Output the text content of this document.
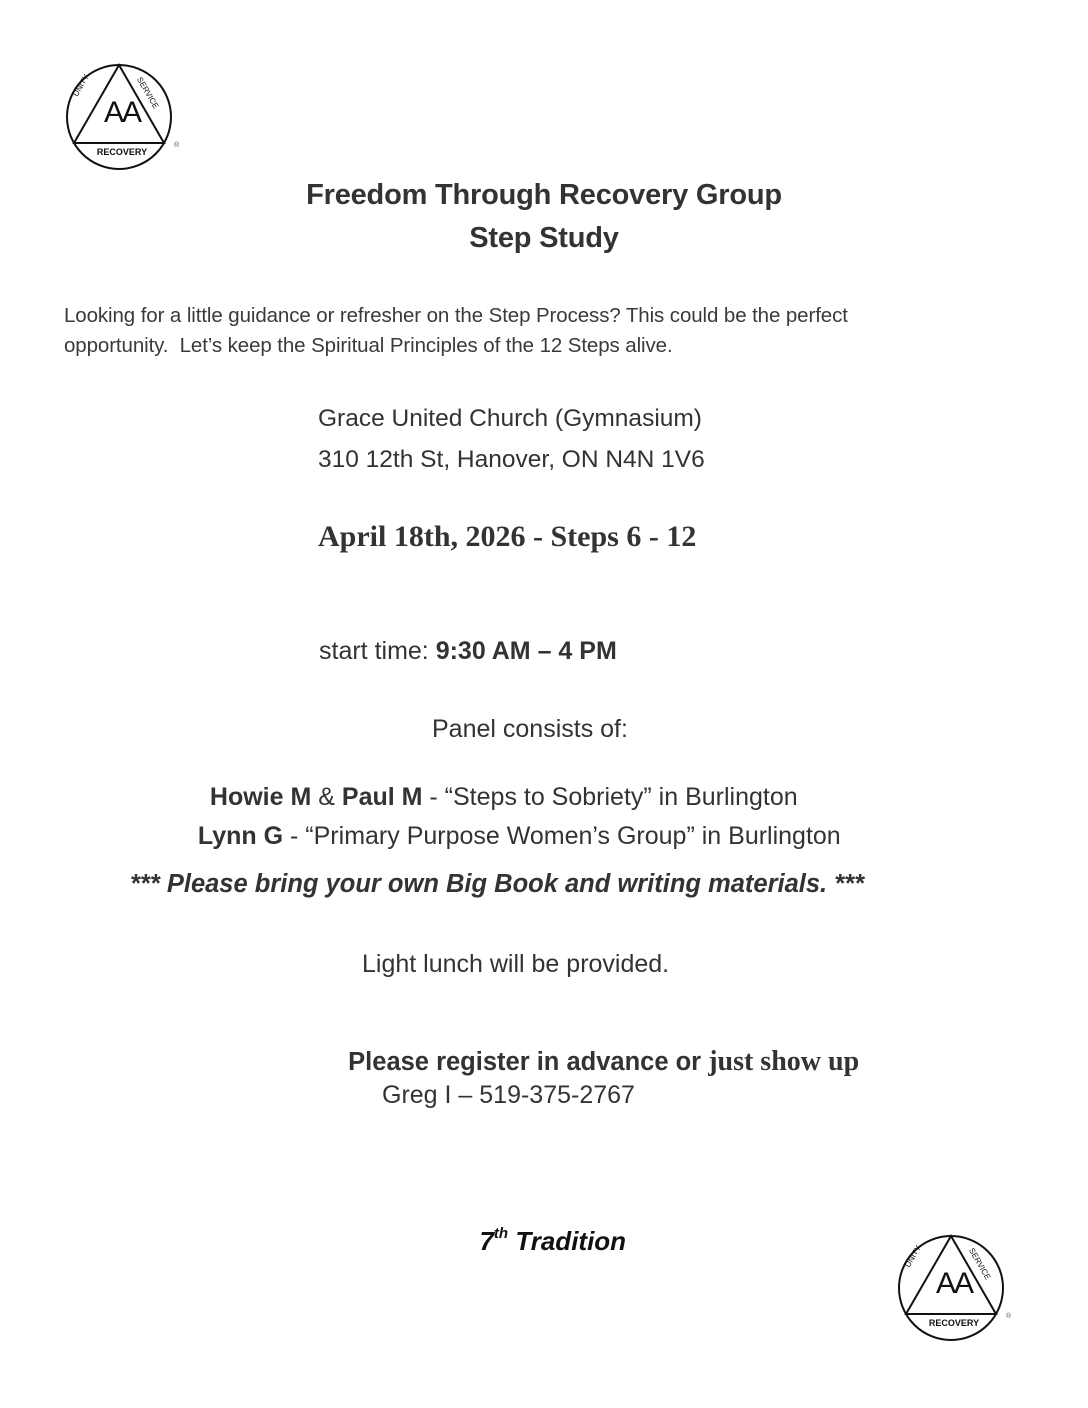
AA
UNITY	SERVICE
RECOVERY
®
Freedom Through Recovery Group
Step Study
Looking for a little guidance or refresher on the Step Process? This could be the perfect
opportunity.  Let’s keep the Spiritual Principles of the 12 Steps alive.
Grace United Church (Gymnasium)
310 12th St, Hanover, ON N4N 1V6
April 18th, 2026 - Steps 6 - 12
start time: 9:30 AM – 4 PM
Panel consists of:

Howie M & Paul M - “Steps to Sobriety” in Burlington

Lynn G - “Primary Purpose Women’s Group” in Burlington

*** Please bring your own Big Book and writing materials. ***
Light lunch will be provided.

Please register in advance or just show up

Greg I – 519-375-2767

7th Tradition

AA
UNITY	SERVICE
RECOVERY
®
